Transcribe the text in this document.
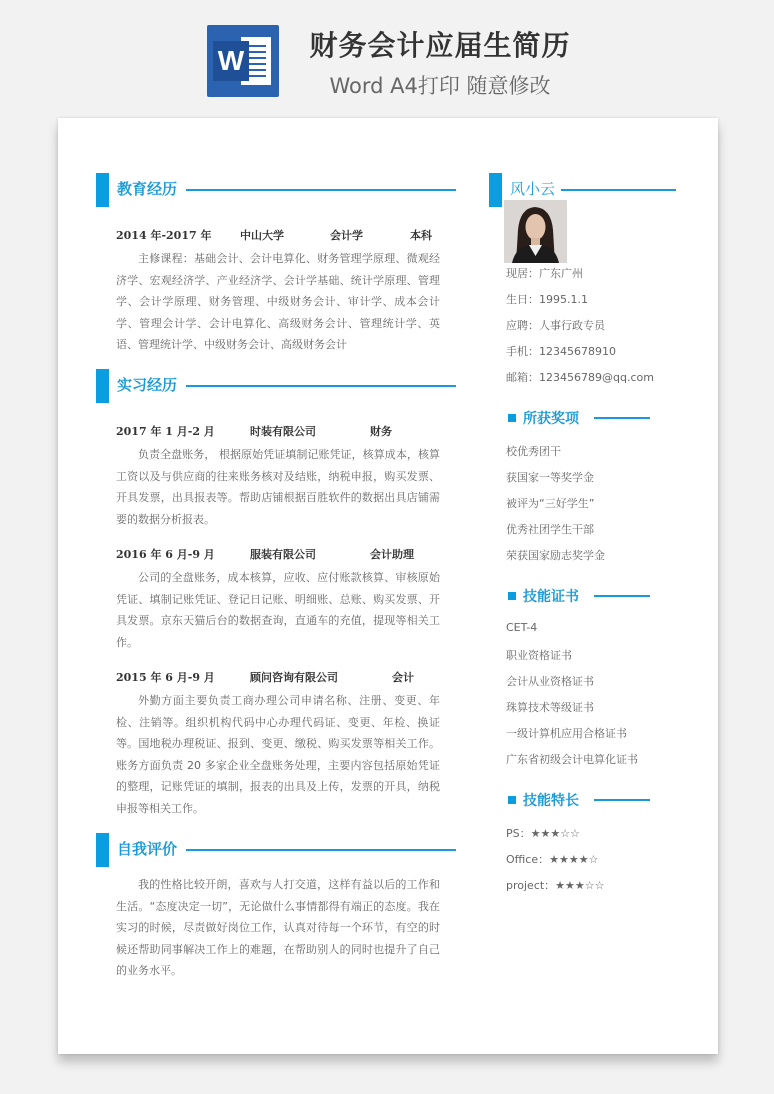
W	财务会计应届生简历
Word A4打印 随意修改
教育经历
2014 年-2017 年	中山大学	会计学	本科
主修课程：基础会计、会计电算化、财务管理学原理、微观经济学、宏观经济学、产业经济学、会计学基础、统计学原理、管理学、会计学原理、财务管理、中级财务会计、审计学、成本会计学、管理会计学、会计电算化、高级财务会计、管理统计学、英语、管理统计学、中级财务会计、高级财务会计
实习经历
2017 年 1 月-2 月	时装有限公司	财务
负责全盘账务， 根据原始凭证填制记账凭证，核算成本，核算工资以及与供应商的往来账务核对及结账，纳税申报，购买发票、开具发票，出具报表等。帮助店铺根据百胜软件的数据出具店铺需要的数据分析报表。
2016 年 6 月-9 月	服装有限公司	会计助理
公司的全盘账务，成本核算，应收、应付账款核算、审核原始凭证、填制记账凭证、登记日记账、明细账、总账、购买发票、开具发票。京东天猫后台的数据查询，直通车的充值，提现等相关工作。
2015 年 6 月-9 月	顾问咨询有限公司	会计
外勤方面主要负责工商办理公司申请名称、注册、变更、年检、注销等。组织机构代码中心办理代码证、变更、年检、换证等。国地税办理税证、报到、变更、缴税、购买发票等相关工作。账务方面负责 20 多家企业全盘账务处理，主要内容包括原始凭证的整理，记账凭证的填制，报表的出具及上传，发票的开具，纳税申报等相关工作。
自我评价
我的性格比较开朗，喜欢与人打交道，这样有益以后的工作和生活。“态度决定一切”，无论做什么事情都得有端正的态度。我在实习的时候，尽责做好岗位工作，认真对待每一个环节，有空的时候还帮助同事解决工作上的难题，在帮助别人的同时也提升了自己的业务水平。
风小云
现居：广东广州
生日：1995.1.1
应聘：人事行政专员
手机：12345678910
邮箱：123456789@qq.com
所获奖项
校优秀团干
获国家一等奖学金
被评为“三好学生”
优秀社团学生干部
荣获国家励志奖学金
技能证书
CET-4
职业资格证书
会计从业资格证书
珠算技术等级证书
一级计算机应用合格证书
广东省初级会计电算化证书
技能特长
PS：★★★☆☆
Office：★★★★☆
project：★★★☆☆
